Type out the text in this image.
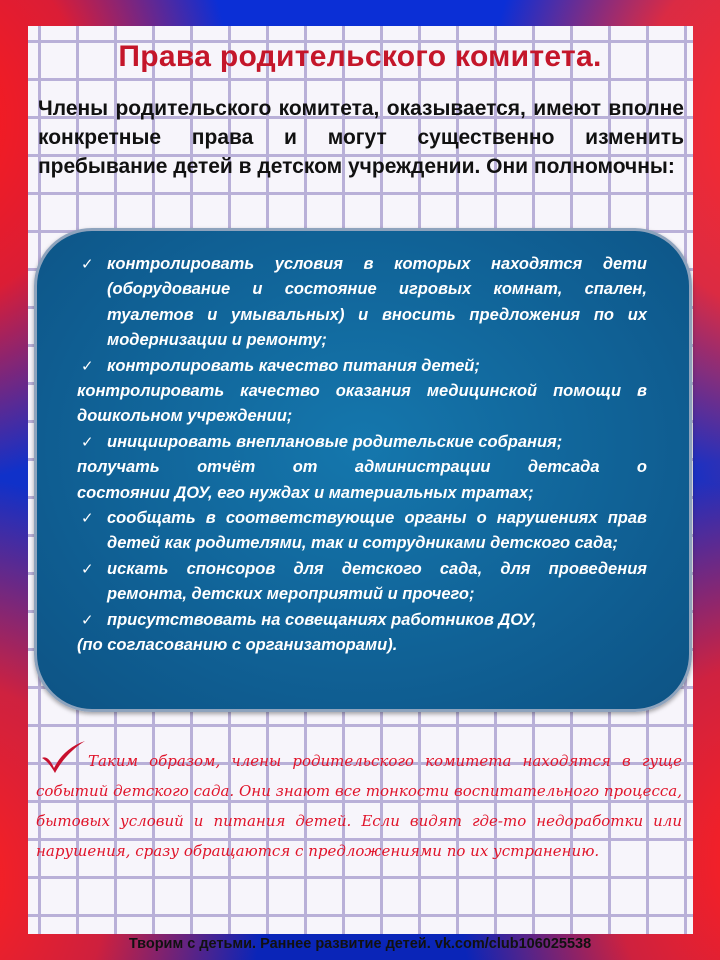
Права родительского комитета.
Члены родительского комитета, оказывается, имеют вполне конкретные права и могут существенно изменить пребывание детей в детском учреждении. Они полномочны:
✓ контролировать условия в которых находятся дети (оборудование и состояние игровых комнат, спален, туалетов и умывальных) и вносить предложения по их модернизации и ремонту;
✓ контролировать качество питания детей;
контролировать качество оказания медицинской помощи в дошкольном учреждении;
✓ инициировать внеплановые родительские собрания;
получать отчёт от администрации детсада о
состоянии ДОУ, его нуждах и материальных тратах;
✓ сообщать в соответствующие органы о нарушениях прав детей как родителями, так и сотрудниками детского сада;
✓ искать спонсоров для детского сада, для проведения ремонта, детских мероприятий и прочего;
✓ присутствовать на совещаниях работников ДОУ,
(по согласованию с организаторами).
Таким образом, члены родительского комитета находятся в гуще событий детского сада. Они знают все тонкости воспитательного процесса, бытовых условий и питания детей. Если видят где-то недоработки или нарушения, сразу обращаются с предложениями по их устранению.
Творим с детьми. Раннее развитие детей. vk.com/club106025538
